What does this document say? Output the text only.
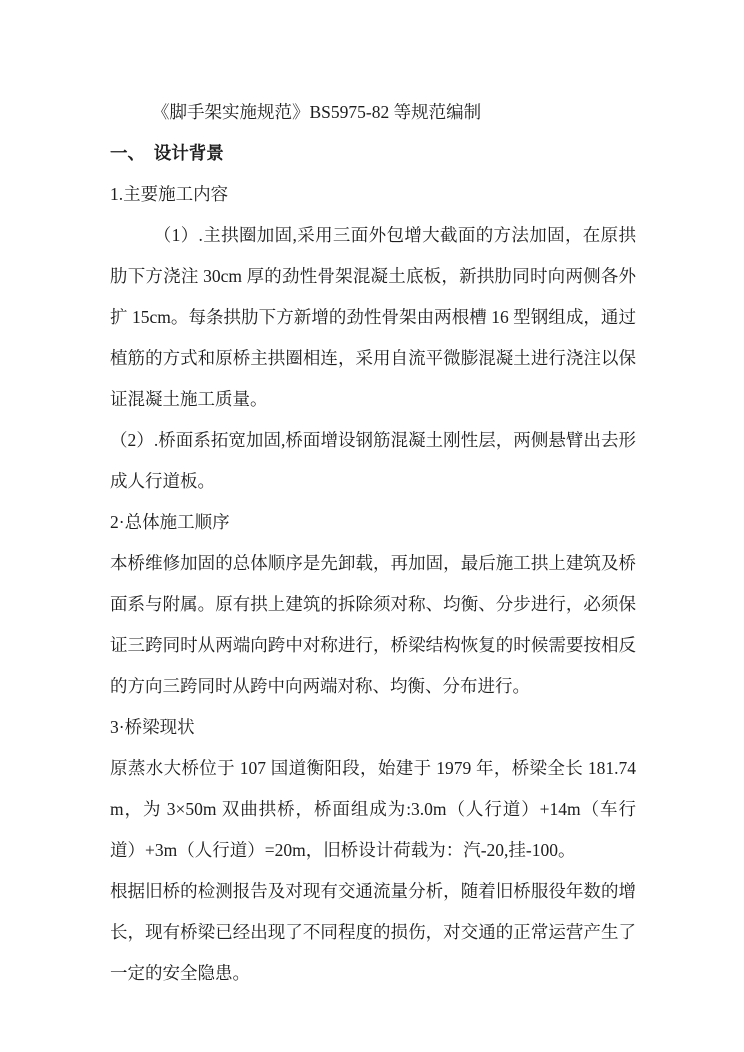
《脚手架实施规范》BS5975-82 等规范编制

一、　设计背景

1.主要施工内容

（1）.主拱圈加固,采用三面外包增大截面的方法加固，在原拱肋下方浇注 30cm 厚的劲性骨架混凝土底板，新拱肋同时向两侧各外扩 15cm。每条拱肋下方新增的劲性骨架由两根槽 16 型钢组成，通过植筋的方式和原桥主拱圈相连，采用自流平微膨混凝土进行浇注以保证混凝土施工质量。

（2）.桥面系拓宽加固,桥面增设钢筋混凝土刚性层，两侧悬臂出去形成人行道板。

2·总体施工顺序

本桥维修加固的总体顺序是先卸载，再加固，最后施工拱上建筑及桥面系与附属。原有拱上建筑的拆除须对称、均衡、分步进行，必须保证三跨同时从两端向跨中对称进行，桥梁结构恢复的时候需要按相反的方向三跨同时从跨中向两端对称、均衡、分布进行。

3·桥梁现状

原蒸水大桥位于 107 国道衡阳段，始建于 1979 年，桥梁全长 181.74m，为 3×50m 双曲拱桥，桥面组成为:3.0m（人行道）+14m（车行道）+3m（人行道）=20m，旧桥设计荷载为：汽-20,挂-100。

根据旧桥的检测报告及对现有交通流量分析，随着旧桥服役年数的增长，现有桥梁已经出现了不同程度的损伤，对交通的正常运营产生了一定的安全隐患。
